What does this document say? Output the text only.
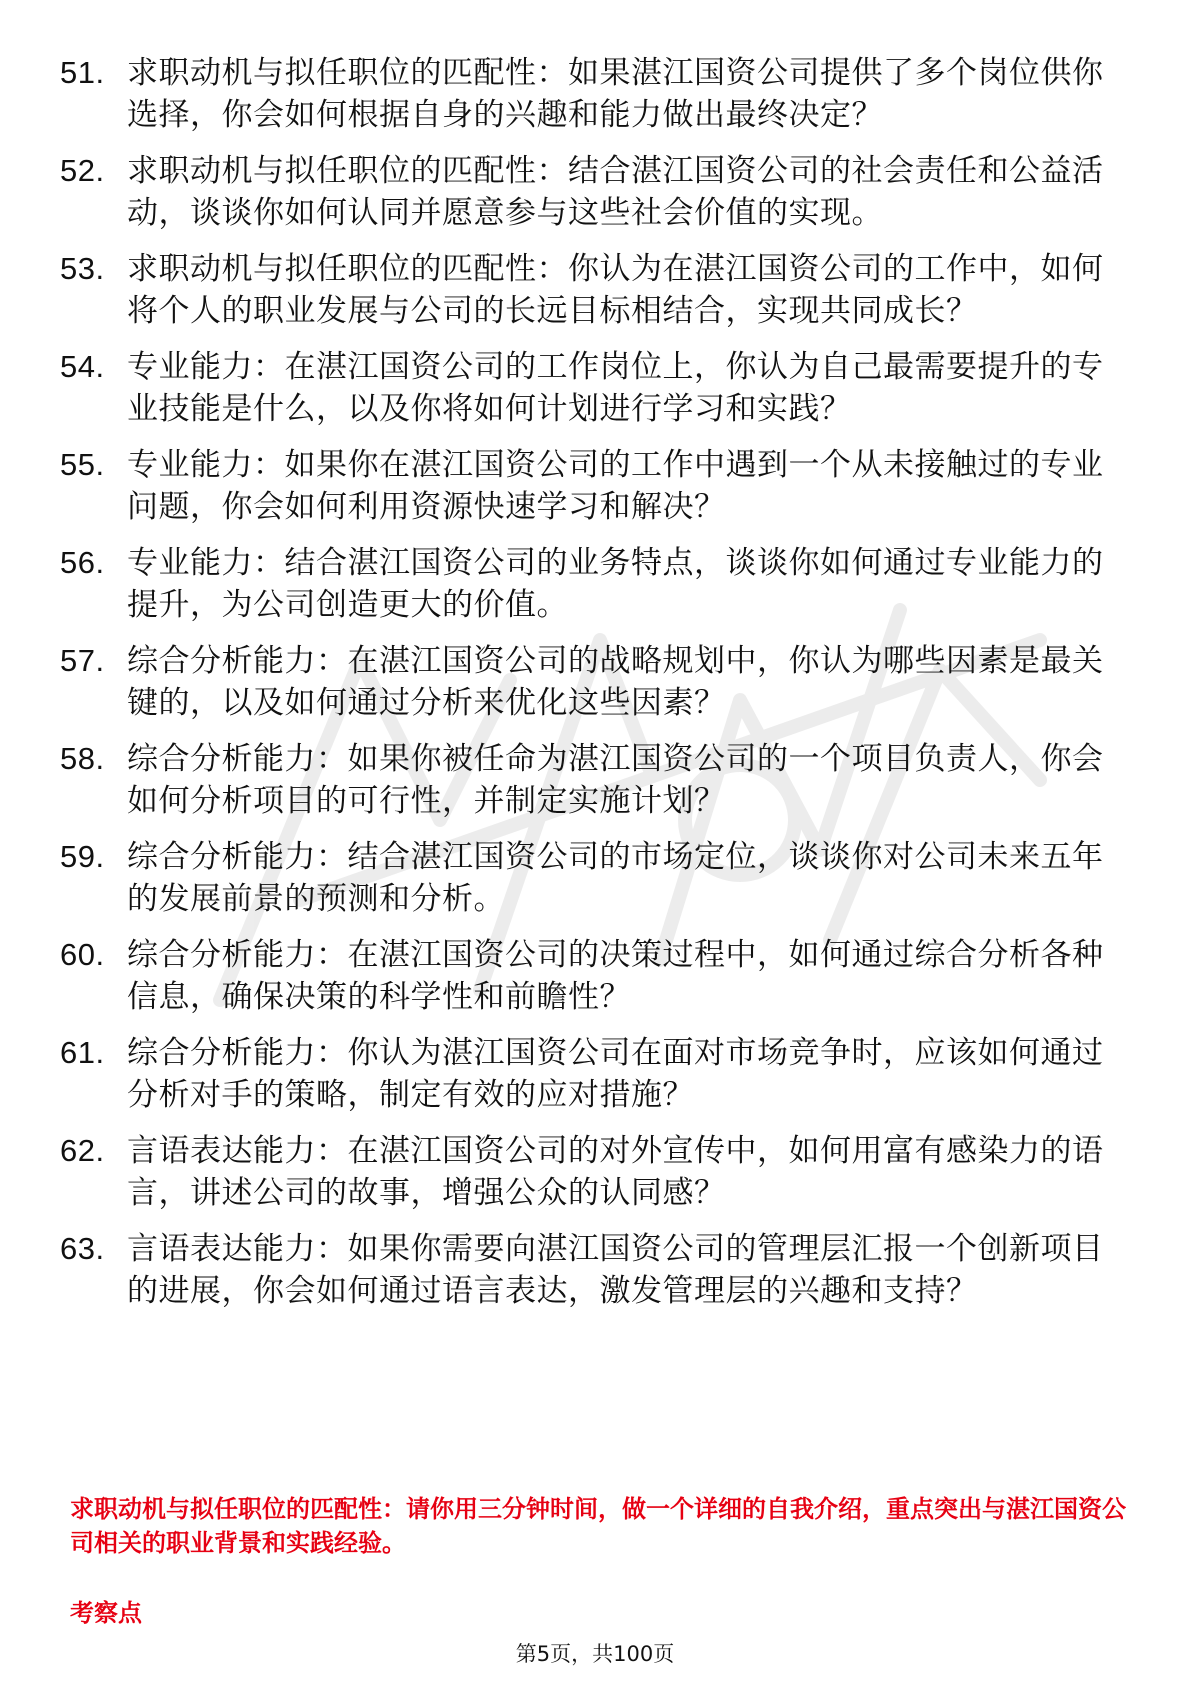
51. 求职动机与拟任职位的匹配性：如果湛江国资公司提供了多个岗位供你选择，你会如何根据自身的兴趣和能力做出最终决定？
52. 求职动机与拟任职位的匹配性：结合湛江国资公司的社会责任和公益活动，谈谈你如何认同并愿意参与这些社会价值的实现。
53. 求职动机与拟任职位的匹配性：你认为在湛江国资公司的工作中，如何将个人的职业发展与公司的长远目标相结合，实现共同成长？
54. 专业能力：在湛江国资公司的工作岗位上，你认为自己最需要提升的专业技能是什么，以及你将如何计划进行学习和实践？
55. 专业能力：如果你在湛江国资公司的工作中遇到一个从未接触过的专业问题，你会如何利用资源快速学习和解决？
56. 专业能力：结合湛江国资公司的业务特点，谈谈你如何通过专业能力的提升，为公司创造更大的价值。
57. 综合分析能力：在湛江国资公司的战略规划中，你认为哪些因素是最关键的，以及如何通过分析来优化这些因素？
58. 综合分析能力：如果你被任命为湛江国资公司的一个项目负责人，你会如何分析项目的可行性，并制定实施计划？
59. 综合分析能力：结合湛江国资公司的市场定位，谈谈你对公司未来五年的发展前景的预测和分析。
60. 综合分析能力：在湛江国资公司的决策过程中，如何通过综合分析各种信息，确保决策的科学性和前瞻性？
61. 综合分析能力：你认为湛江国资公司在面对市场竞争时，应该如何通过分析对手的策略，制定有效的应对措施？
62. 言语表达能力：在湛江国资公司的对外宣传中，如何用富有感染力的语言，讲述公司的故事，增强公众的认同感？
63. 言语表达能力：如果你需要向湛江国资公司的管理层汇报一个创新项目的进展，你会如何通过语言表达，激发管理层的兴趣和支持？
求职动机与拟任职位的匹配性：请你用三分钟时间，做一个详细的自我介绍，重点突出与湛江国资公司相关的职业背景和实践经验。
考察点
第5页，共100页
